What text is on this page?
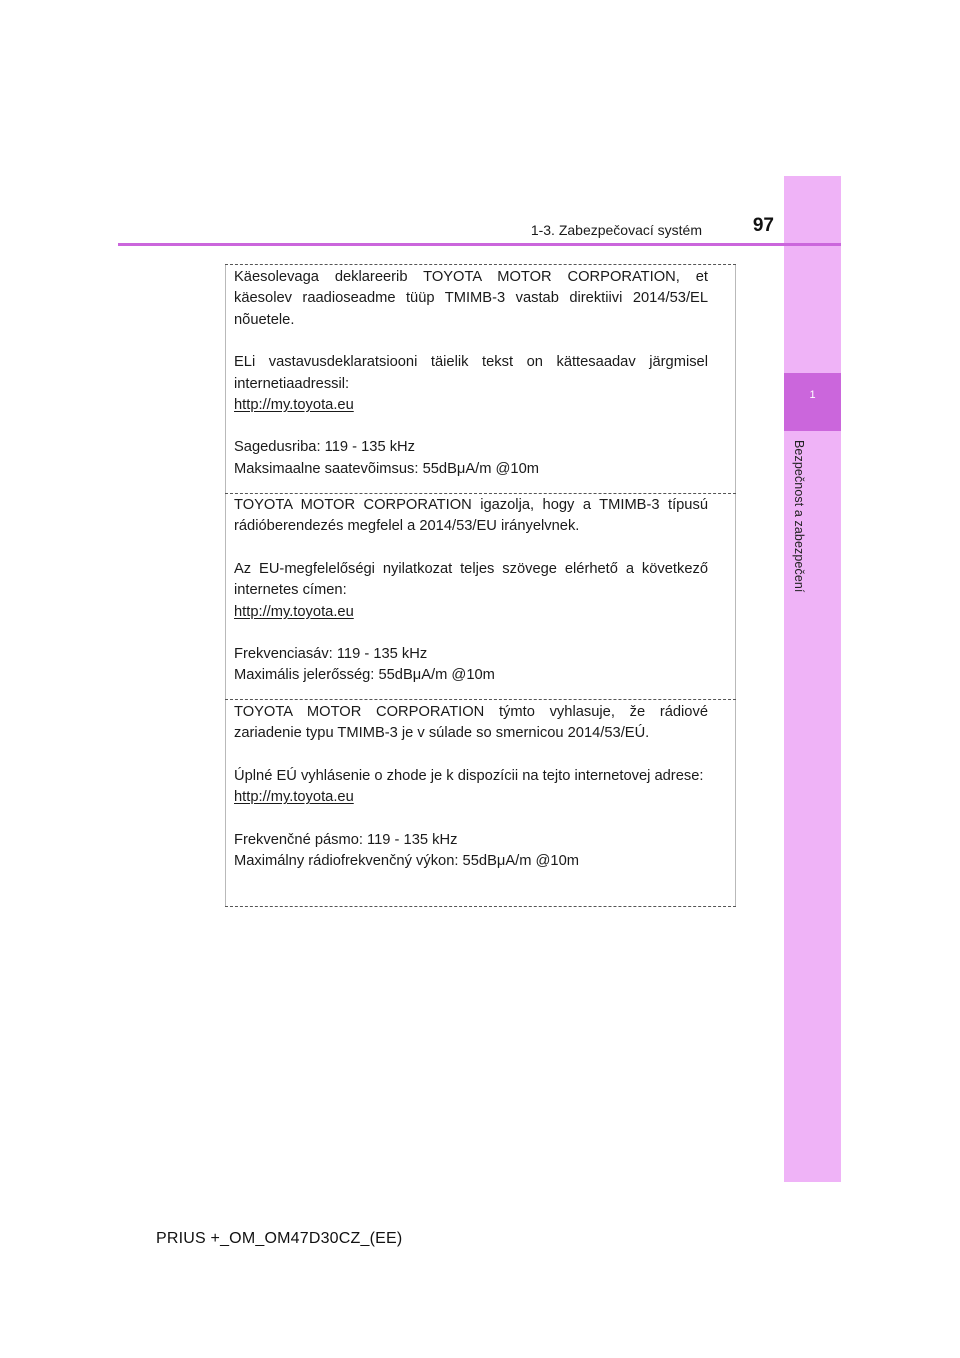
1
Bezpečnost a zabezpečení
1-3. Zabezpečovací systém	97

Käesolevaga deklareerib TOYOTA MOTOR CORPORATION, et käesolev raadioseadme tüüp TMIMB-3 vastab direktiivi 2014/53/EL nõuetele.

ELi vastavusdeklaratsiooni täielik tekst on kättesaadav järgmisel internetiaadressil:

http://my.toyota.eu

Sagedusriba: 119 - 135 kHz

Maksimaalne saatevõimsus: 55dBμA/m @10m

TOYOTA MOTOR CORPORATION igazolja, hogy a TMIMB-3 típusú rádióberendezés megfelel a 2014/53/EU irányelvnek.

Az EU-megfelelőségi nyilatkozat teljes szövege elérhető a következő internetes címen:

http://my.toyota.eu

Frekvenciasáv: 119 - 135 kHz

Maximális jelerősség: 55dBμA/m @10m

TOYOTA MOTOR CORPORATION týmto vyhlasuje, že rádiové zariadenie typu TMIMB-3 je v súlade so smernicou 2014/53/EÚ.

Úplné EÚ vyhlásenie o zhode je k dispozícii na tejto internetovej adrese:

http://my.toyota.eu

Frekvenčné pásmo: 119 - 135 kHz

Maximálny rádiofrekvenčný výkon: 55dBμA/m @10m

PRIUS +_OM_OM47D30CZ_(EE)
